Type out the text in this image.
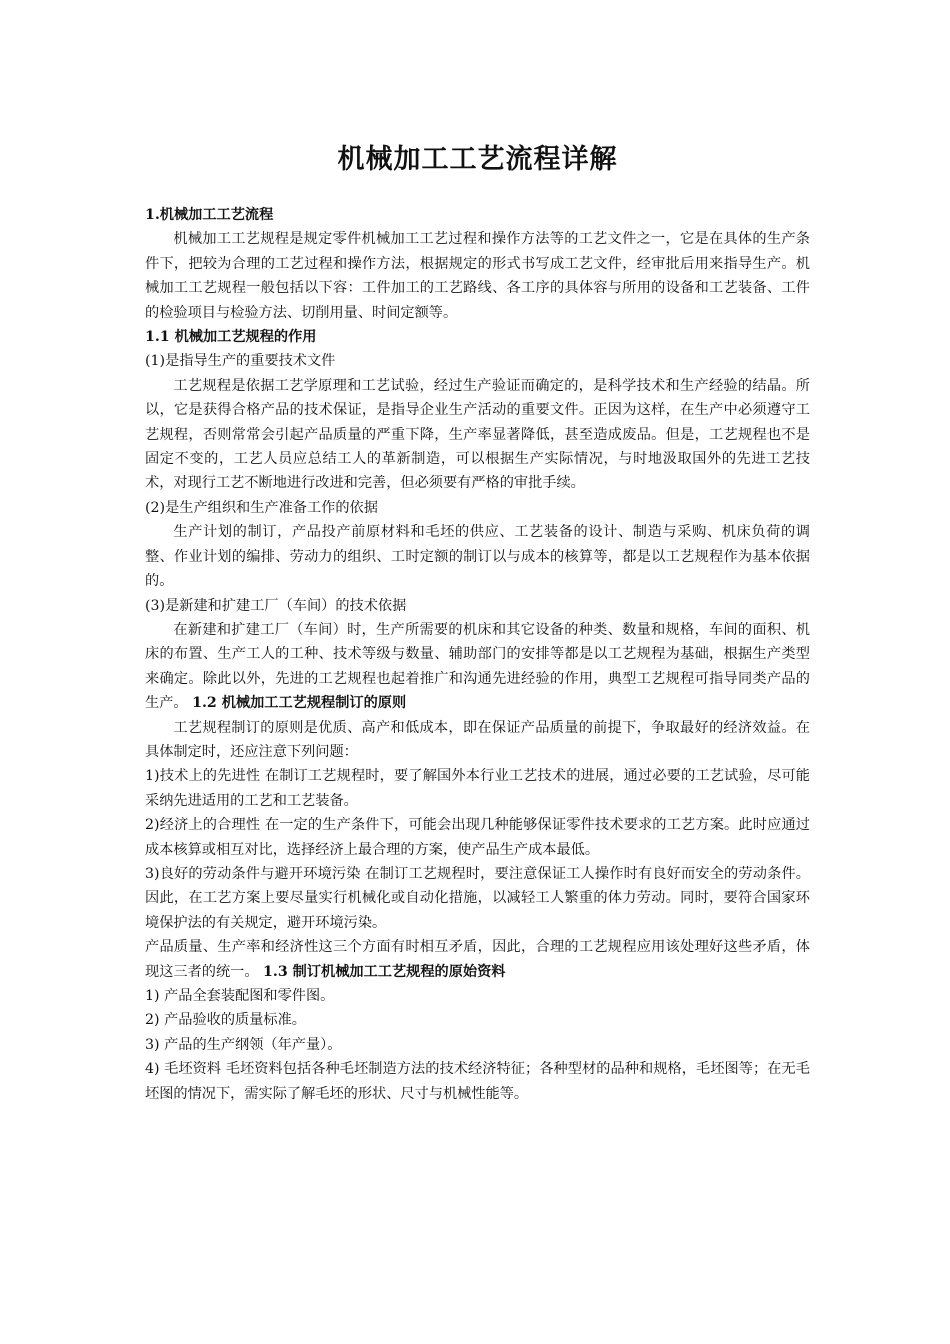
机械加工工艺流程详解

1.机械加工工艺流程

机械加工工艺规程是规定零件机械加工工艺过程和操作方法等的工艺文件之一，它是在具体的生产条件下，把较为合理的工艺过程和操作方法，根据规定的形式书写成工艺文件，经审批后用来指导生产。机械加工工艺规程一般包括以下容：工件加工的工艺路线、各工序的具体容与所用的设备和工艺装备、工件的检验项目与检验方法、切削用量、时间定额等。

1.1 机械加工艺规程的作用

(1)是指导生产的重要技术文件

工艺规程是依据工艺学原理和工艺试验，经过生产验证而确定的，是科学技术和生产经验的结晶。所以，它是获得合格产品的技术保证，是指导企业生产活动的重要文件。正因为这样，在生产中必须遵守工艺规程，否则常常会引起产品质量的严重下降，生产率显著降低，甚至造成废品。但是，工艺规程也不是固定不变的，工艺人员应总结工人的革新制造，可以根据生产实际情况，与时地汲取国外的先进工艺技术，对现行工艺不断地进行改进和完善，但必须要有严格的审批手续。

(2)是生产组织和生产准备工作的依据

生产计划的制订，产品投产前原材料和毛坯的供应、工艺装备的设计、制造与采购、机床负荷的调整、作业计划的编排、劳动力的组织、工时定额的制订以与成本的核算等，都是以工艺规程作为基本依据的。

(3)是新建和扩建工厂（车间）的技术依据

在新建和扩建工厂（车间）时，生产所需要的机床和其它设备的种类、数量和规格，车间的面积、机床的布置、生产工人的工种、技术等级与数量、辅助部门的安排等都是以工艺规程为基础，根据生产类型来确定。除此以外，先进的工艺规程也起着推广和沟通先进经验的作用，典型工艺规程可指导同类产品的生产。 1.2 机械加工工艺规程制订的原则

工艺规程制订的原则是优质、高产和低成本，即在保证产品质量的前提下，争取最好的经济效益。在具体制定时，还应注意下列问题：

1)技术上的先进性 在制订工艺规程时，要了解国外本行业工艺技术的进展，通过必要的工艺试验，尽可能采纳先进适用的工艺和工艺装备。

2)经济上的合理性 在一定的生产条件下，可能会出现几种能够保证零件技术要求的工艺方案。此时应通过成本核算或相互对比，选择经济上最合理的方案，使产品生产成本最低。

3)良好的劳动条件与避开环境污染 在制订工艺规程时，要注意保证工人操作时有良好而安全的劳动条件。因此，在工艺方案上要尽量实行机械化或自动化措施，以减轻工人繁重的体力劳动。同时，要符合国家环境保护法的有关规定，避开环境污染。

产品质量、生产率和经济性这三个方面有时相互矛盾，因此，合理的工艺规程应用该处理好这些矛盾，体现这三者的统一。 1.3 制订机械加工工艺规程的原始资料

1) 产品全套装配图和零件图。

2) 产品验收的质量标准。

3) 产品的生产纲领（年产量）。

4) 毛坯资料 毛坯资料包括各种毛坯制造方法的技术经济特征；各种型材的品种和规格，毛坯图等；在无毛坯图的情况下，需实际了解毛坯的形状、尺寸与机械性能等。
